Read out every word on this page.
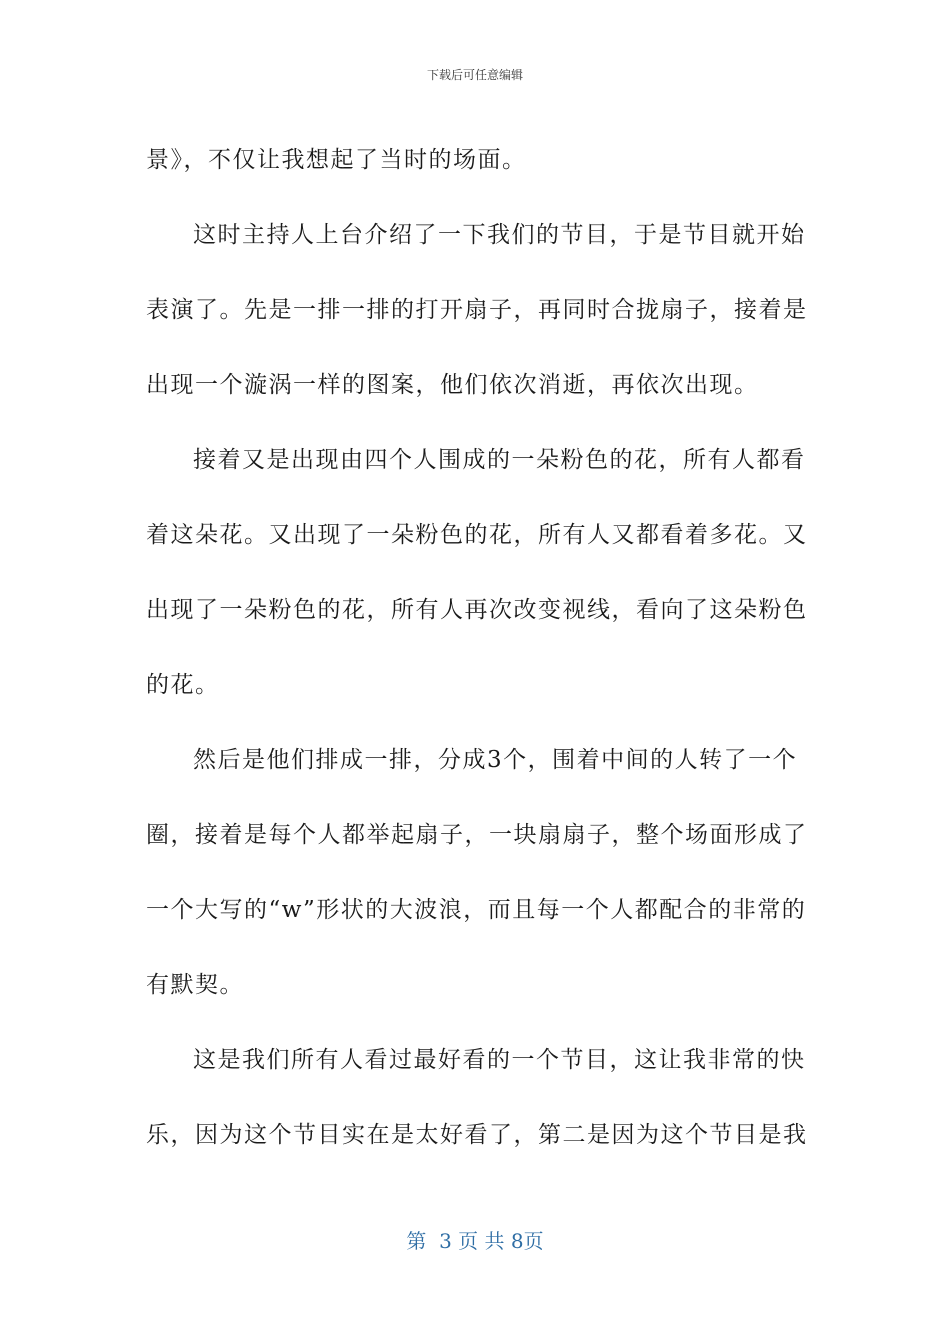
下载后可任意编辑
景》，不仅让我想起了当时的场面。
这时主持人上台介绍了一下我们的节目，于是节目就开始
表演了。先是一排一排的打开扇子，再同时合拢扇子，接着是
出现一个漩涡一样的图案，他们依次消逝，再依次出现。
接着又是出现由四个人围成的一朵粉色的花，所有人都看
着这朵花。又出现了一朵粉色的花，所有人又都看着多花。又
出现了一朵粉色的花，所有人再次改变视线，看向了这朵粉色
的花。
然后是他们排成一排，分成3个，围着中间的人转了一个
圈，接着是每个人都举起扇子，一块扇扇子，整个场面形成了
一个大写的“w”形状的大波浪，而且每一个人都配合的非常的
有默契。
这是我们所有人看过最好看的一个节目，这让我非常的快
乐，因为这个节目实在是太好看了，第二是因为这个节目是我
第  3 页 共 8页
